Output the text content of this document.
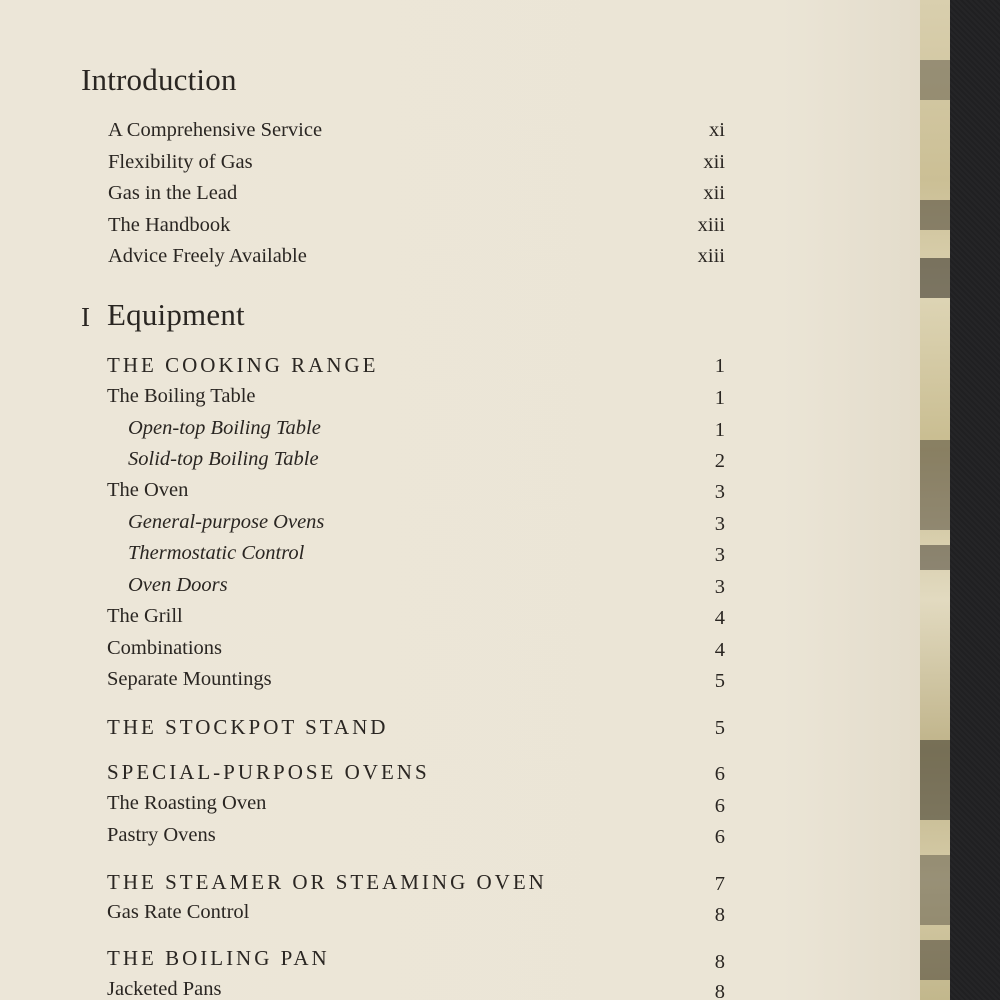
Introduction
A Comprehensive Service	xi
Flexibility of Gas	xii
Gas in the Lead	xii
The Handbook	xiii
Advice Freely Available	xiii
I Equipment
THE COOKING RANGE	1
The Boiling Table	1
Open-top Boiling Table	1
Solid-top Boiling Table	2
The Oven	3
General-purpose Ovens	3
Thermostatic Control	3
Oven Doors	3
The Grill	4
Combinations	4
Separate Mountings	5
THE STOCKPOT STAND	5
SPECIAL-PURPOSE OVENS	6
The Roasting Oven	6
Pastry Ovens	6
THE STEAMER OR STEAMING OVEN	7
Gas Rate Control	8
THE BOILING PAN	8
Jacketed Pans	8
